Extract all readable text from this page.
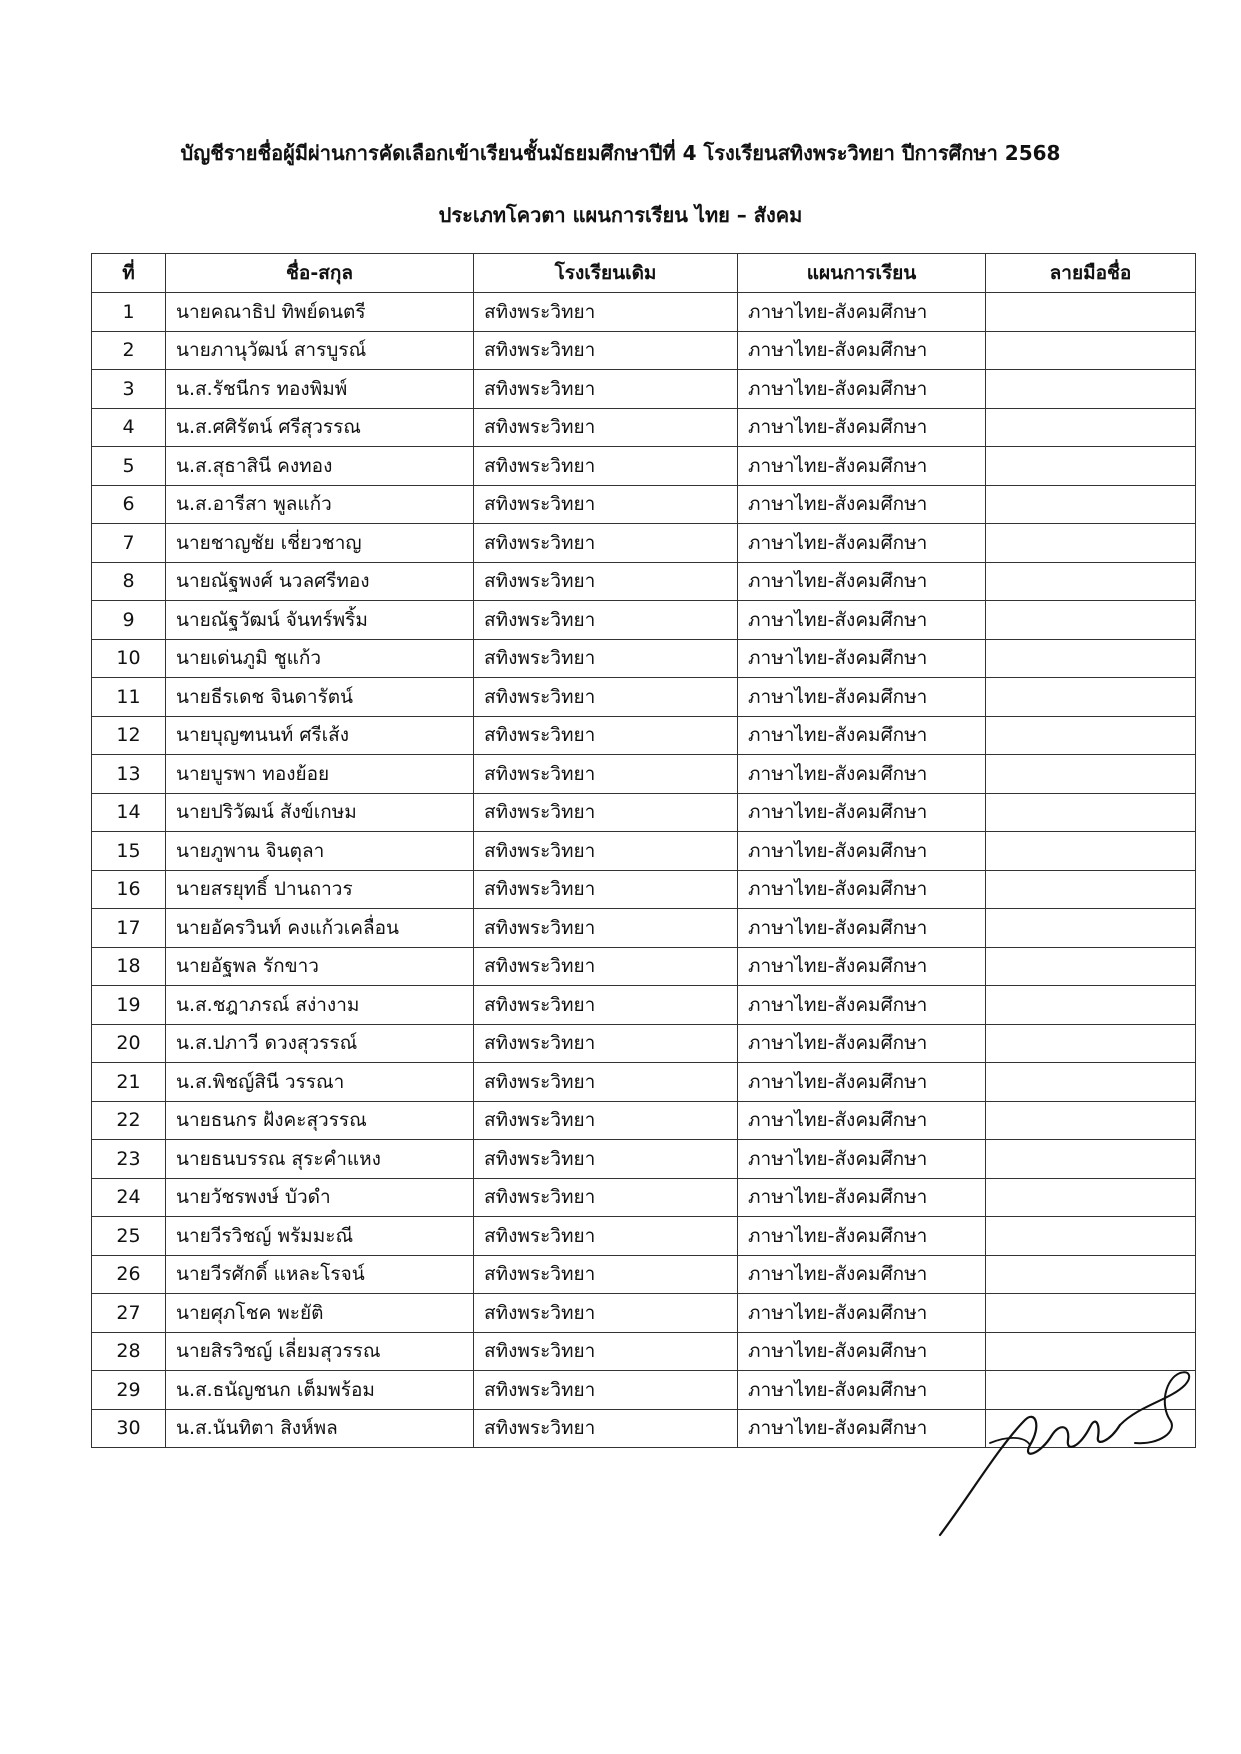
บัญชีรายชื่อผู้มีผ่านการคัดเลือกเข้าเรียนชั้นมัธยมศึกษาปีที่ 4 โรงเรียนสทิงพระวิทยา ปีการศึกษา 2568
ประเภทโควตา แผนการเรียน ไทย – สังคม
ที่	ชื่อ-สกุล	โรงเรียนเดิม	แผนการเรียน	ลายมือชื่อ
1	นายคณาธิป ทิพย์ดนตรี	สทิงพระวิทยา	ภาษาไทย-สังคมศึกษา	
2	นายภานุวัฒน์ สารบูรณ์	สทิงพระวิทยา	ภาษาไทย-สังคมศึกษา	
3	น.ส.รัชนีกร ทองพิมพ์	สทิงพระวิทยา	ภาษาไทย-สังคมศึกษา	
4	น.ส.ศศิรัตน์ ศรีสุวรรณ	สทิงพระวิทยา	ภาษาไทย-สังคมศึกษา	
5	น.ส.สุธาสินี คงทอง	สทิงพระวิทยา	ภาษาไทย-สังคมศึกษา	
6	น.ส.อารีสา พูลแก้ว	สทิงพระวิทยา	ภาษาไทย-สังคมศึกษา	
7	นายชาญชัย เชี่ยวชาญ	สทิงพระวิทยา	ภาษาไทย-สังคมศึกษา	
8	นายณัฐพงศ์ นวลศรีทอง	สทิงพระวิทยา	ภาษาไทย-สังคมศึกษา	
9	นายณัฐวัฒน์ จันทร์พริ้ม	สทิงพระวิทยา	ภาษาไทย-สังคมศึกษา	
10	นายเด่นภูมิ ชูแก้ว	สทิงพระวิทยา	ภาษาไทย-สังคมศึกษา	
11	นายธีรเดช จินดารัตน์	สทิงพระวิทยา	ภาษาไทย-สังคมศึกษา	
12	นายบุญฑนนท์ ศรีเส้ง	สทิงพระวิทยา	ภาษาไทย-สังคมศึกษา	
13	นายบูรพา ทองย้อย	สทิงพระวิทยา	ภาษาไทย-สังคมศึกษา	
14	นายปริวัฒน์ สังข์เกษม	สทิงพระวิทยา	ภาษาไทย-สังคมศึกษา	
15	นายภูพาน จินตุลา	สทิงพระวิทยา	ภาษาไทย-สังคมศึกษา	
16	นายสรยุทธิ์ ปานถาวร	สทิงพระวิทยา	ภาษาไทย-สังคมศึกษา	
17	นายอัครวินท์ คงแก้วเคลื่อน	สทิงพระวิทยา	ภาษาไทย-สังคมศึกษา	
18	นายอัฐพล รักขาว	สทิงพระวิทยา	ภาษาไทย-สังคมศึกษา	
19	น.ส.ชฎาภรณ์ สง่างาม	สทิงพระวิทยา	ภาษาไทย-สังคมศึกษา	
20	น.ส.ปภาวี ดวงสุวรรณ์	สทิงพระวิทยา	ภาษาไทย-สังคมศึกษา	
21	น.ส.พิชญ์สินี วรรณา	สทิงพระวิทยา	ภาษาไทย-สังคมศึกษา	
22	นายธนกร ฝังคะสุวรรณ	สทิงพระวิทยา	ภาษาไทย-สังคมศึกษา	
23	นายธนบรรณ สุระคำแหง	สทิงพระวิทยา	ภาษาไทย-สังคมศึกษา	
24	นายวัชรพงษ์ บัวดำ	สทิงพระวิทยา	ภาษาไทย-สังคมศึกษา	
25	นายวีรวิชญ์ พรัมมะณี	สทิงพระวิทยา	ภาษาไทย-สังคมศึกษา	
26	นายวีรศักดิ์ แหละโรจน์	สทิงพระวิทยา	ภาษาไทย-สังคมศึกษา	
27	นายศุภโชค พะยัติ	สทิงพระวิทยา	ภาษาไทย-สังคมศึกษา	
28	นายสิรวิชญ์ เลี่ยมสุวรรณ	สทิงพระวิทยา	ภาษาไทย-สังคมศึกษา	
29	น.ส.ธนัญชนก เต็มพร้อม	สทิงพระวิทยา	ภาษาไทย-สังคมศึกษา	
30	น.ส.นันทิตา สิงห์พล	สทิงพระวิทยา	ภาษาไทย-สังคมศึกษา	
